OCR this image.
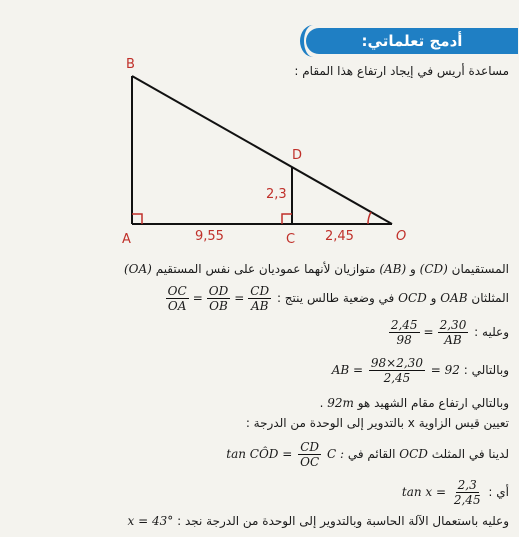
أدمج تعلماتي:
مساعدة أريس في إيجاد ارتفاع هذا المقام :
B
D
A	C	O
9,55	2,45
2,3
المستقيمان (CD) و (AB) متوازيان لأنهما عموديان على نفس المستقيم (OA)
المثلثان OAB و OCD في وضعية طالس ينتج :
$\frac{OC}{OA} = \frac{OD}{OB} = \frac{CD}{AB}$
وعليه :
$\frac{2,45}{98} = \frac{2,30}{AB}$
وبالتالي : AB = $\frac{98\times 2,30}{2,45} = 92$
وبالتالي ارتفاع مقام الشهيد هو 92m .
تعيين قيس الزاوية x بالتدوير إلى الوحدة من الدرجة :
لدينا في المثلث OCD القائم في C : tan CÔD = $\frac{CD}{OC}$
أي : $\tan x = \frac{2,3}{2,45}$
وعليه باستعمال الآلة الحاسبة وبالتدوير إلى الوحدة من الدرجة نجد : x = 43°
